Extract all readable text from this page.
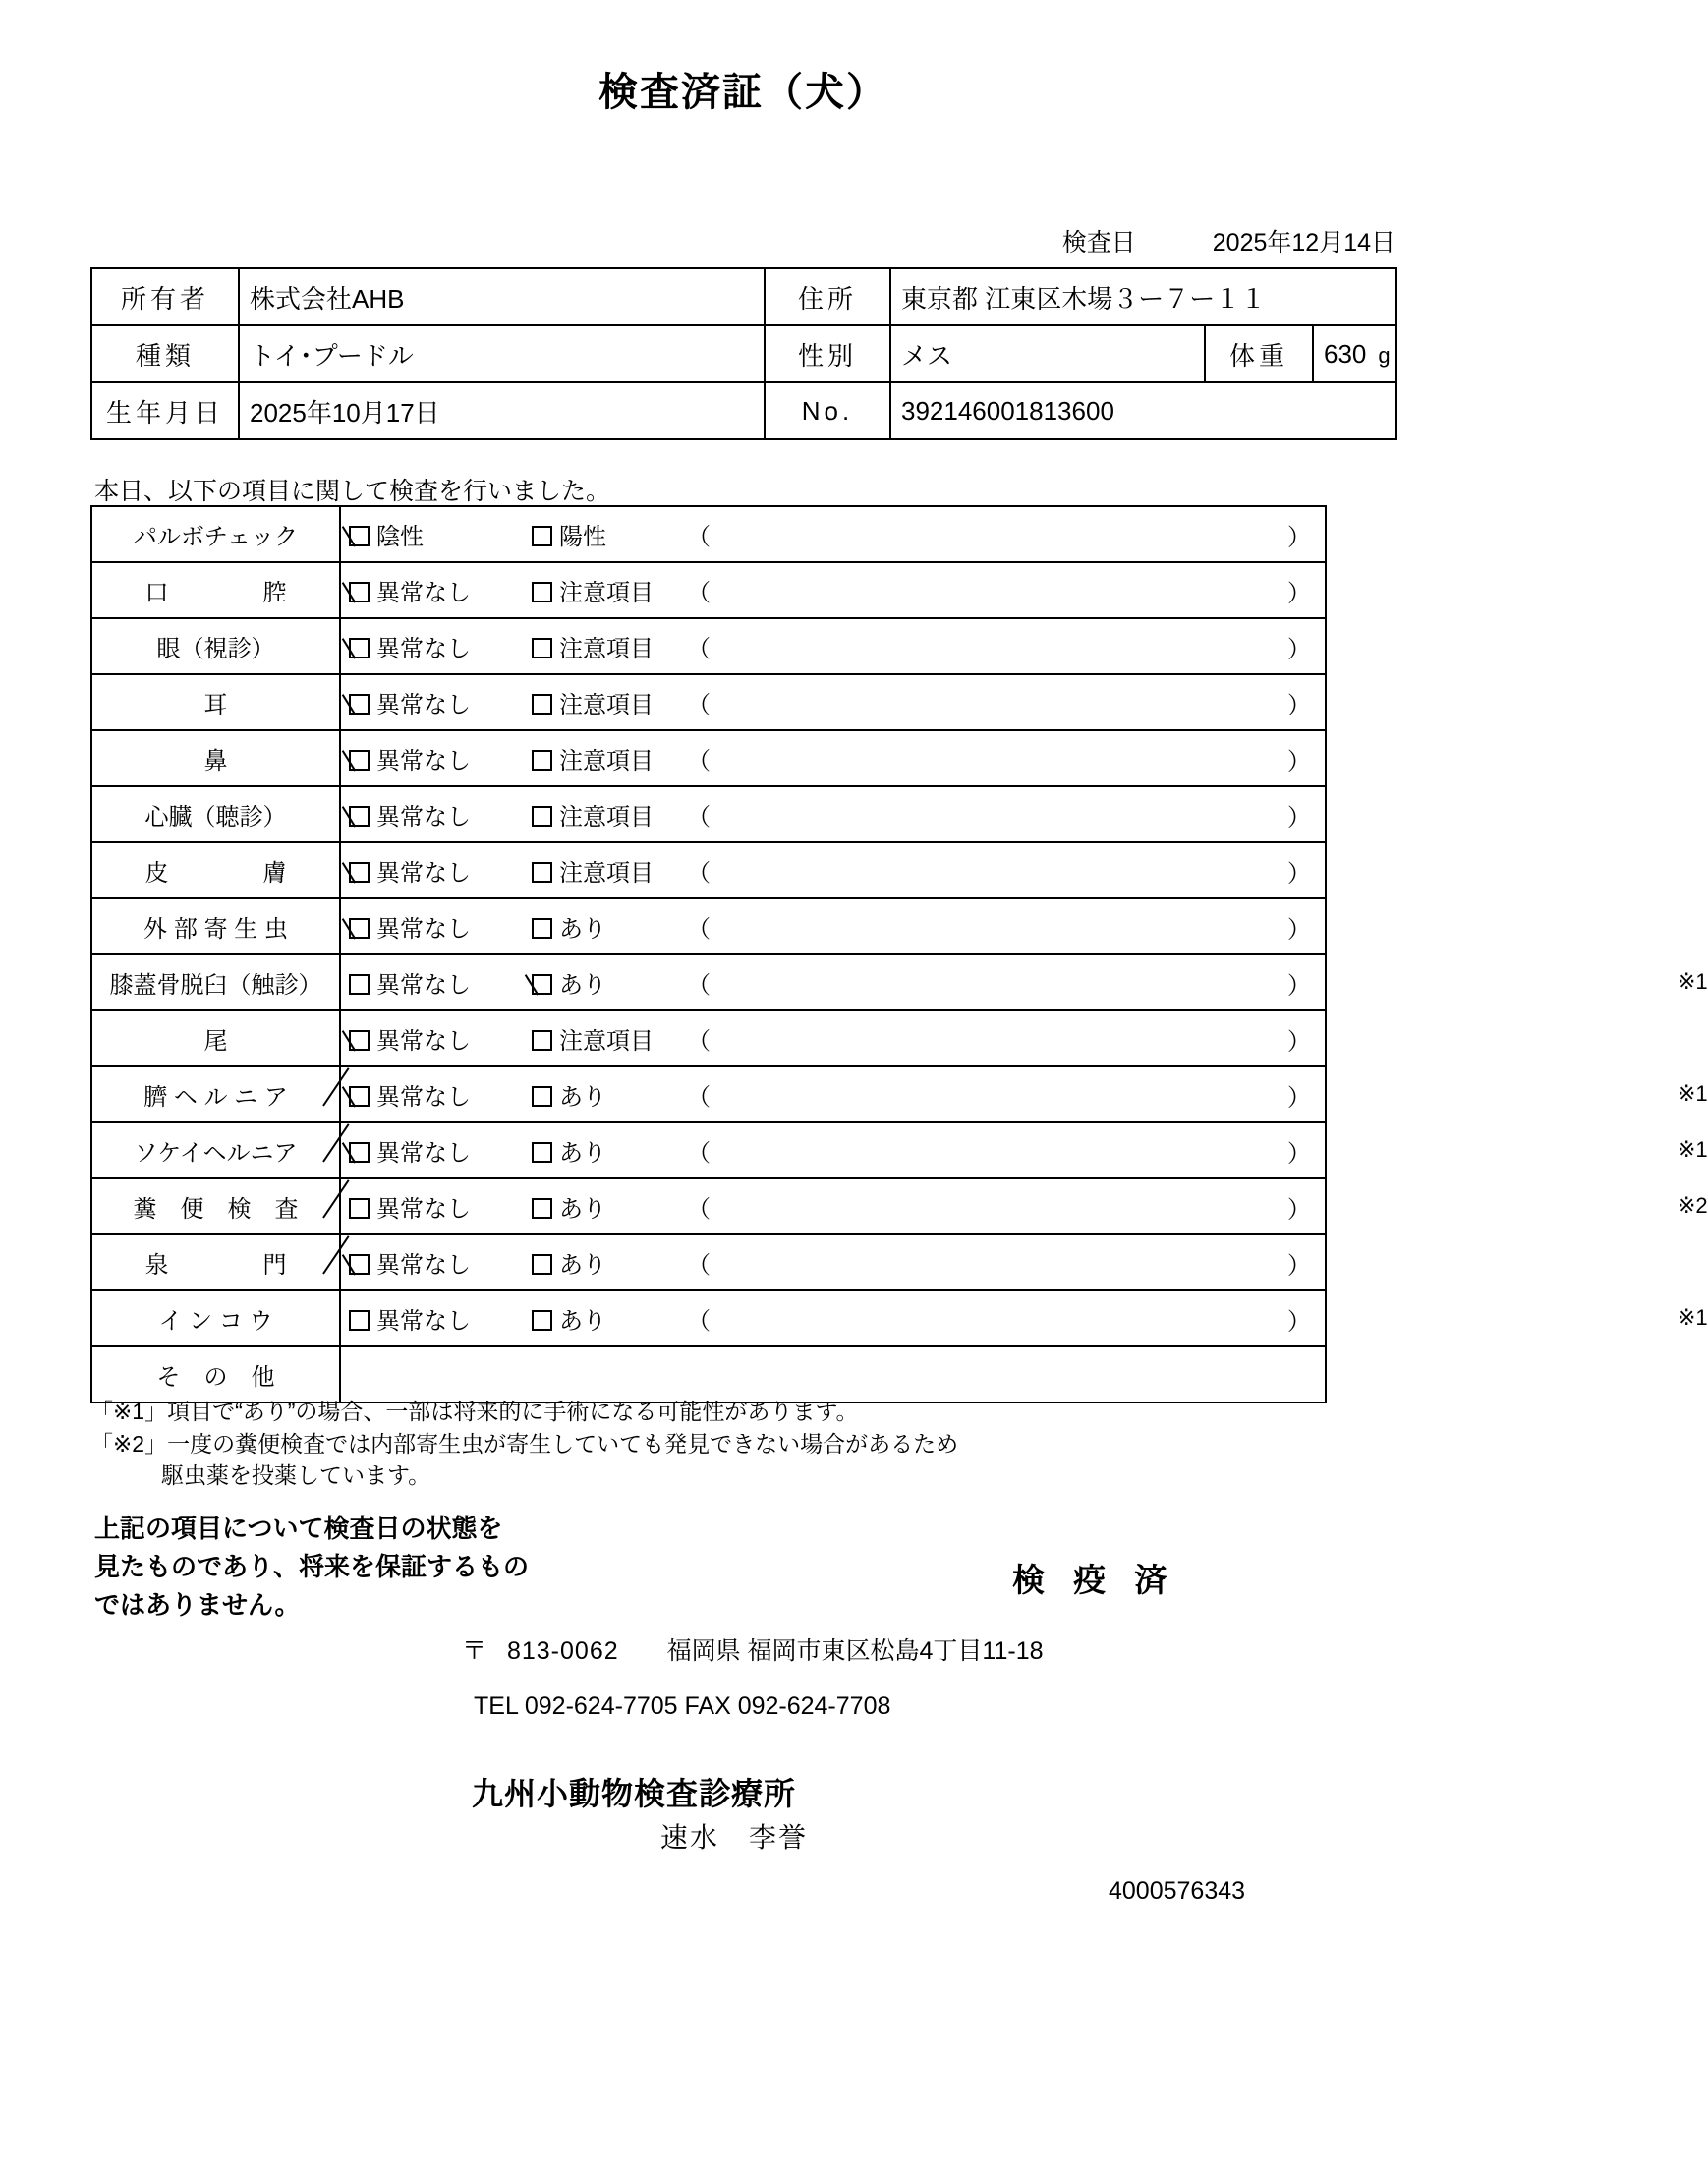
検査済証（犬）
検査日	2025年12月14日
所有者	株式会社AHB	住所	東京都 江東区木場３ー７ー１１		
種類	トイ･プードル	性別	メス	体重	630 g
生年月日	2025年10月17日	No.	392146001813600		
本日、以下の項目に関して検査を行いました。
パルボチェック	陰性 陽性 （ ）

口　　　　腔	異常なし 注意項目 （ ）

眼（視診）	異常なし 注意項目 （ ）

耳	異常なし 注意項目 （ ）

鼻	異常なし 注意項目 （ ）

心臓（聴診）	異常なし 注意項目 （ ）

皮　　　　膚	異常なし 注意項目 （ ）

外 部 寄 生 虫	異常なし あり （ ）

膝蓋骨脱臼（触診）	異常なし あり （ ） ※1

尾	異常なし 注意項目 （ ）

臍 ヘ ル ニ ア	異常なし あり （ ） ※1

ソケイヘルニア	異常なし あり （ ） ※1

糞　便　検　査	異常なし あり （ ） ※2

泉　　　　門	異常なし あり （ ）

イ ン コ ウ	異常なし あり （ ） ※1

そ　の　他	
「※1」項目で“あり”の場合、一部は将来的に手術になる可能性があります。
「※2」一度の糞便検査では内部寄生虫が寄生していても発見できない場合があるため
駆虫薬を投薬しています。
上記の項目について検査日の状態を
見たものであり、将来を保証するもの
ではありません。
検 疫 済
〒 813-0062 福岡県 福岡市東区松島4丁目11-18
TEL 092-624-7705 FAX 092-624-7708
九州小動物検査診療所
速水　李誉
4000576343
